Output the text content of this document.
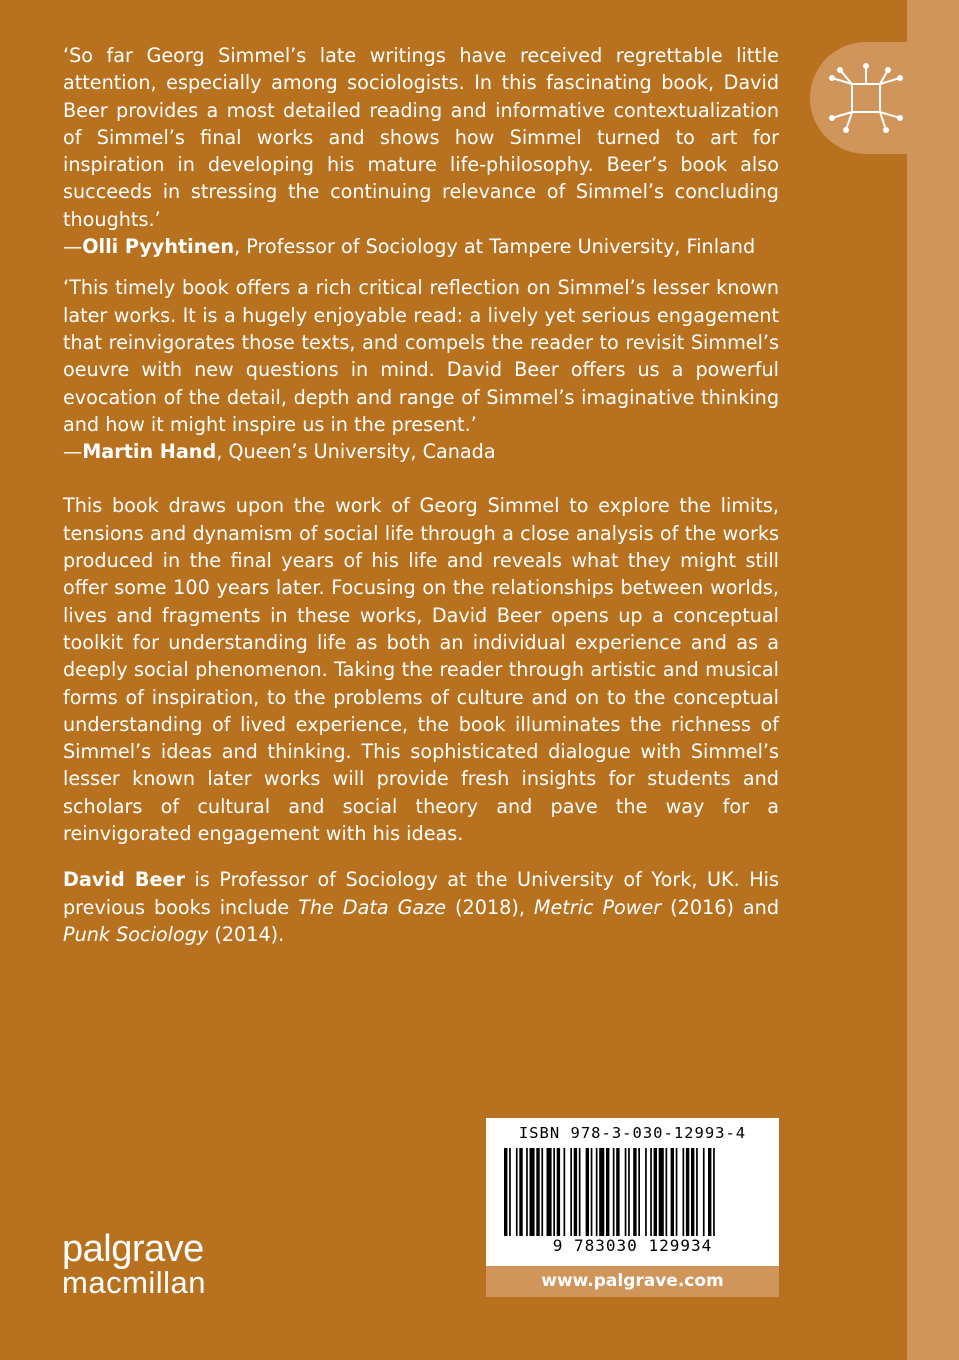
‘So far Georg Simmel’s late writings have received regrettable little attention, especially among sociologists. In this fascinating book, David Beer provides a most detailed reading and informative contextualization of Simmel’s final works and shows how Simmel turned to art for inspiration in developing his mature life-philosophy. Beer’s book also succeeds in stressing the continuing relevance of Simmel’s concluding thoughts.’

—Olli Pyyhtinen, Professor of Sociology at Tampere University, Finland

‘This timely book offers a rich critical reflection on Simmel’s lesser known later works. It is a hugely enjoyable read: a lively yet serious engagement that reinvigorates those texts, and compels the reader to revisit Simmel’s oeuvre with new questions in mind. David Beer offers us a powerful evocation of the detail, depth and range of Simmel’s imaginative thinking and how it might inspire us in the present.’

—Martin Hand, Queen’s University, Canada

This book draws upon the work of Georg Simmel to explore the limits, tensions and dynamism of social life through a close analysis of the works produced in the final years of his life and reveals what they might still offer some 100 years later. Focusing on the relationships between worlds, lives and fragments in these works, David Beer opens up a conceptual toolkit for understanding life as both an individual experience and as a deeply social phenomenon. Taking the reader through artistic and musical forms of inspiration, to the problems of culture and on to the conceptual understanding of lived experience, the book illuminates the richness of Simmel’s ideas and thinking. This sophisticated dialogue with Simmel’s lesser known later works will provide fresh insights for students and scholars of cultural and social theory and pave the way for a reinvigorated engagement with his ideas.

David Beer is Professor of Sociology at the University of York, UK. His previous books include The Data Gaze (2018), Metric Power (2016) and Punk Sociology (2014).

ISBN 978-3-030-12993-4
9 783030 129934
www.palgrave.com
palgrave
macmillan
